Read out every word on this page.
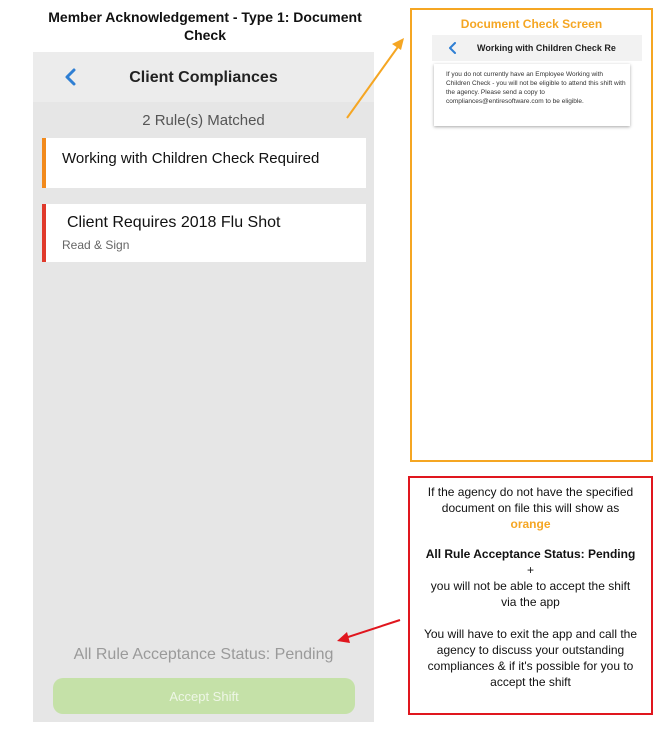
Member Acknowledgement - Type 1: Document Check
Client Compliances
2 Rule(s) Matched
Working with Children Check Required
Client Requires 2018 Flu Shot
Read & Sign
All Rule Acceptance Status: Pending
Accept Shift
Document Check Screen
Working with Children Check Re
If you do not currently have an Employee Working with Children Check - you will not be eligible to attend this shift with the agency. Please send a copy to compliances@entiresoftware.com to be eligible.

If the agency do not have the specified document on file this will show as
orange

All Rule Acceptance Status: Pending

+

you will not be able to accept the shift via the app

You will have to exit the app and call the agency to discuss your outstanding compliances & if it's possible for you to accept the shift
